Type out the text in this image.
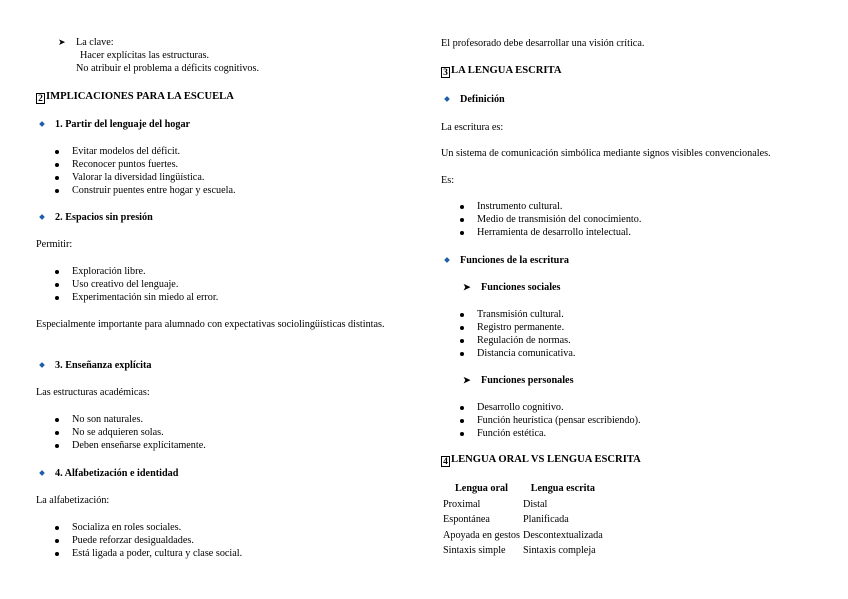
➤ La clave:
Hacer explícitas las estructuras.
No atribuir el problema a déficits cognitivos.
2 IMPLICACIONES PARA LA ESCUELA
1. Partir del lenguaje del hogar
Evitar modelos del déficit.
Reconocer puntos fuertes.
Valorar la diversidad lingüística.
Construir puentes entre hogar y escuela.
2. Espacios sin presión
Permitir:
Exploración libre.
Uso creativo del lenguaje.
Experimentación sin miedo al error.
Especialmente importante para alumnado con expectativas sociolingüísticas distintas.
3. Enseñanza explícita
Las estructuras académicas:
No son naturales.
No se adquieren solas.
Deben enseñarse explícitamente.
4. Alfabetización e identidad
La alfabetización:
Socializa en roles sociales.
Puede reforzar desigualdades.
Está ligada a poder, cultura y clase social.
El profesorado debe desarrollar una visión crítica.
3 LA LENGUA ESCRITA
Definición
La escritura es:
Un sistema de comunicación simbólica mediante signos visibles convencionales.
Es:
Instrumento cultural.
Medio de transmisión del conocimiento.
Herramienta de desarrollo intelectual.
Funciones de la escritura
➤ Funciones sociales
Transmisión cultural.
Registro permanente.
Regulación de normas.
Distancia comunicativa.
➤ Funciones personales
Desarrollo cognitivo.
Función heurística (pensar escribiendo).
Función estética.
4 LENGUA ORAL VS LENGUA ESCRITA
Lengua oral	Lengua escrita
Proximal	Distal
Espontánea	Planificada
Apoyada en gestos	Descontextualizada
Sintaxis simple	Sintaxis compleja
